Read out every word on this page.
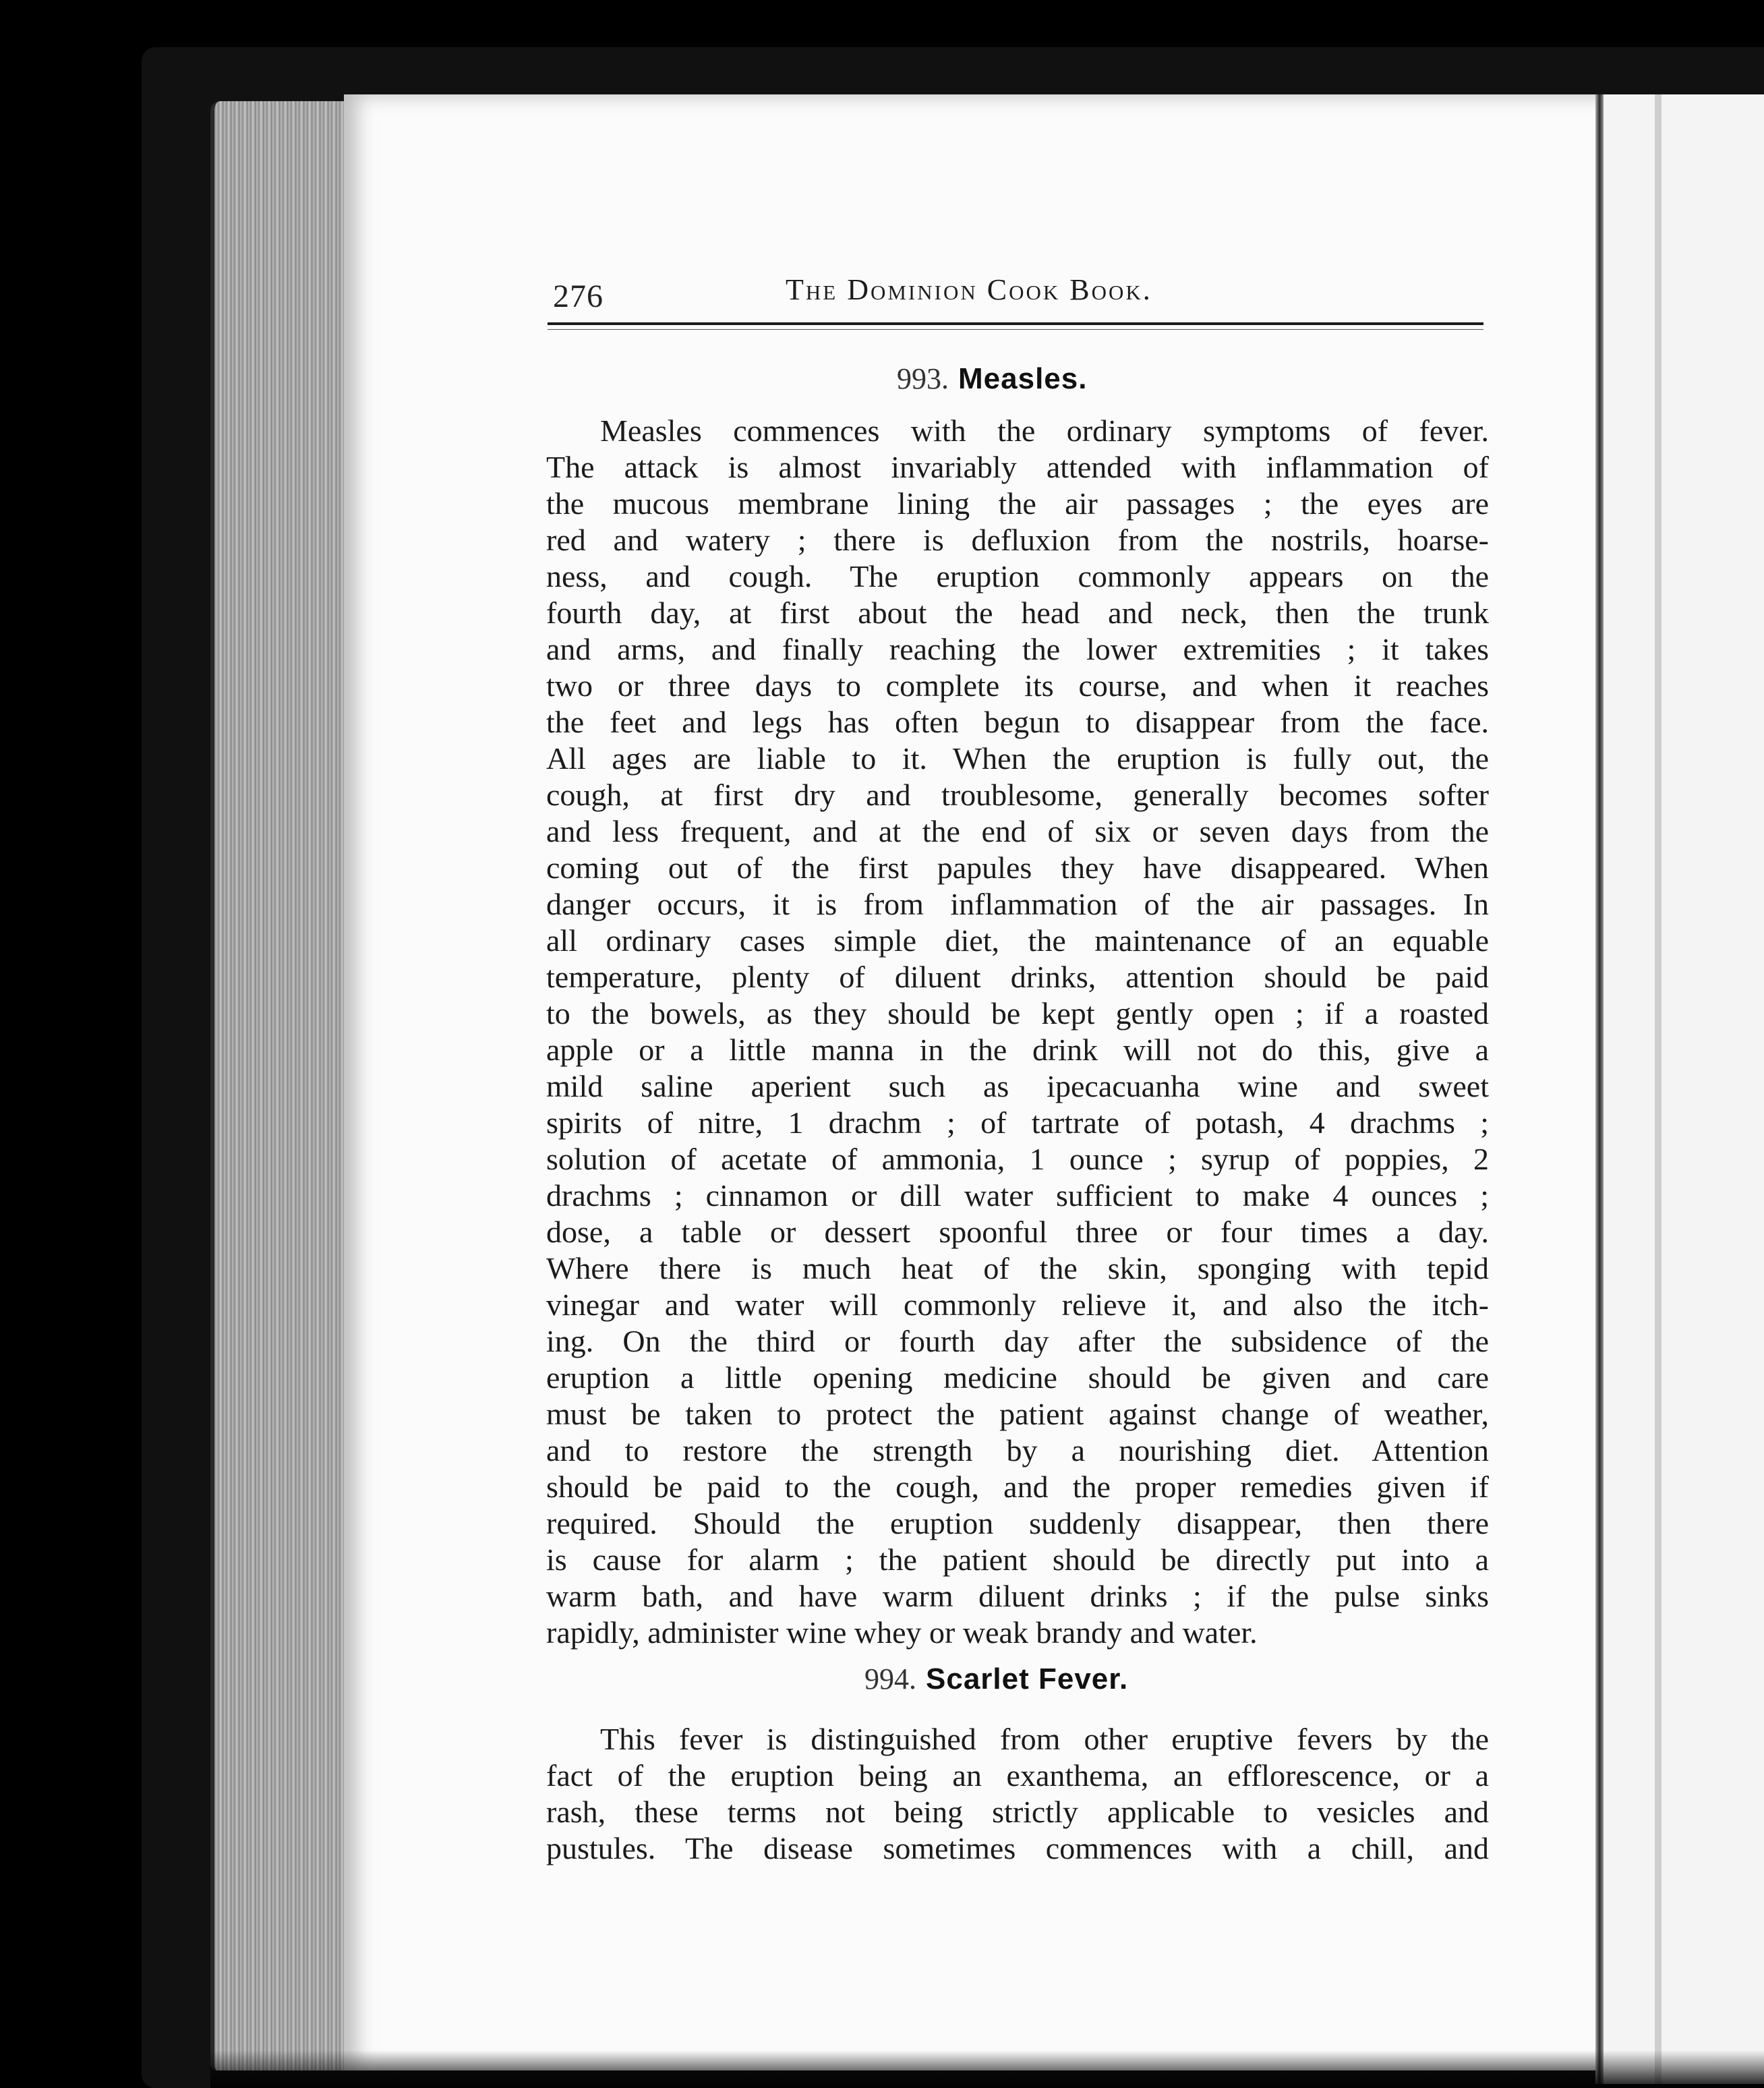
276	The Dominion Cook Book.
993. Measles.
Measles commences with the ordinary symptoms of fever.
The attack is almost invariably attended with inflammation of
the mucous membrane lining the air passages ; the eyes are
red and watery ; there is defluxion from the nostrils, hoarse-
ness, and cough. The eruption commonly appears on the
fourth day, at first about the head and neck, then the trunk
and arms, and finally reaching the lower extremities ; it takes
two or three days to complete its course, and when it reaches
the feet and legs has often begun to disappear from the face.
All ages are liable to it. When the eruption is fully out, the
cough, at first dry and troublesome, generally becomes softer
and less frequent, and at the end of six or seven days from the
coming out of the first papules they have disappeared. When
danger occurs, it is from inflammation of the air passages. In
all ordinary cases simple diet, the maintenance of an equable
temperature, plenty of diluent drinks, attention should be paid
to the bowels, as they should be kept gently open ; if a roasted
apple or a little manna in the drink will not do this, give a
mild saline aperient such as ipecacuanha wine and sweet
spirits of nitre, 1 drachm ; of tartrate of potash, 4 drachms ;
solution of acetate of ammonia, 1 ounce ; syrup of poppies, 2
drachms ; cinnamon or dill water sufficient to make 4 ounces ;
dose, a table or dessert spoonful three or four times a day.
Where there is much heat of the skin, sponging with tepid
vinegar and water will commonly relieve it, and also the itch-
ing. On the third or fourth day after the subsidence of the
eruption a little opening medicine should be given and care
must be taken to protect the patient against change of weather,
and to restore the strength by a nourishing diet. Attention
should be paid to the cough, and the proper remedies given if
required. Should the eruption suddenly disappear, then there
is cause for alarm ; the patient should be directly put into a
warm bath, and have warm diluent drinks ; if the pulse sinks
rapidly, administer wine whey or weak brandy and water.
994. Scarlet Fever.
This fever is distinguished from other eruptive fevers by the
fact of the eruption being an exanthema, an efflorescence, or a
rash, these terms not being strictly applicable to vesicles and
pustules. The disease sometimes commences with a chill, and
